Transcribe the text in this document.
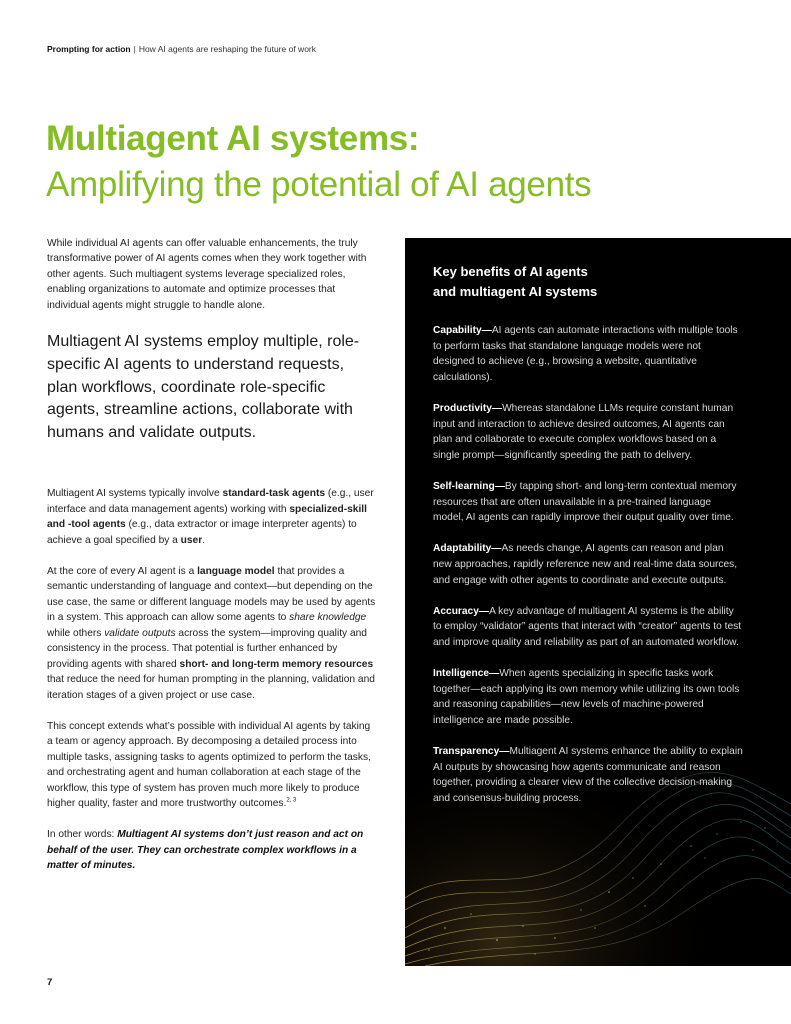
Prompting for action | How AI agents are reshaping the future of work
Multiagent AI systems:
Amplifying the potential of AI agents
While individual AI agents can offer valuable enhancements, the truly transformative power of AI agents comes when they work together with other agents. Such multiagent systems leverage specialized roles, enabling organizations to automate and optimize processes that individual agents might struggle to handle alone.
Multiagent AI systems employ multiple, role-specific AI agents to understand requests, plan workflows, coordinate role-specific agents, streamline actions, collaborate with humans and validate outputs.

Multiagent AI systems typically involve standard-task agents (e.g., user interface and data management agents) working with specialized-skill and -tool agents (e.g., data extractor or image interpreter agents) to achieve a goal specified by a user.

At the core of every AI agent is a language model that provides a semantic understanding of language and context—but depending on the use case, the same or different language models may be used by agents in a system. This approach can allow some agents to share knowledge while others validate outputs across the system—improving quality and consistency in the process. That potential is further enhanced by providing agents with shared short- and long-term memory resources that reduce the need for human prompting in the planning, validation and iteration stages of a given project or use case.

This concept extends what’s possible with individual AI agents by taking a team or agency approach. By decomposing a detailed process into multiple tasks, assigning tasks to agents optimized to perform the tasks, and orchestrating agent and human collaboration at each stage of the workflow, this type of system has proven much more likely to produce higher quality, faster and more trustworthy outcomes.$^{2, 3}$

In other words: Multiagent AI systems don’t just reason and act on behalf of the user. They can orchestrate complex workflows in a matter of minutes.

7
Key benefits of AI agents
and multiagent AI systems
Capability—AI agents can automate interactions with multiple tools to perform tasks that standalone language models were not designed to achieve (e.g., browsing a website, quantitative calculations).
Productivity—Whereas standalone LLMs require constant human input and interaction to achieve desired outcomes, AI agents can plan and collaborate to execute complex workflows based on a single prompt—significantly speeding the path to delivery.
Self-learning—By tapping short- and long-term contextual memory resources that are often unavailable in a pre-trained language model, AI agents can rapidly improve their output quality over time.
Adaptability—As needs change, AI agents can reason and plan new approaches, rapidly reference new and real-time data sources, and engage with other agents to coordinate and execute outputs.
Accuracy—A key advantage of multiagent AI systems is the ability to employ “validator” agents that interact with “creator” agents to test and improve quality and reliability as part of an automated workflow.
Intelligence—When agents specializing in specific tasks work together—each applying its own memory while utilizing its own tools and reasoning capabilities—new levels of machine-powered intelligence are made possible.
Transparency—Multiagent AI systems enhance the ability to explain AI outputs by showcasing how agents communicate and reason together, providing a clearer view of the collective decision-making and consensus-building process.
